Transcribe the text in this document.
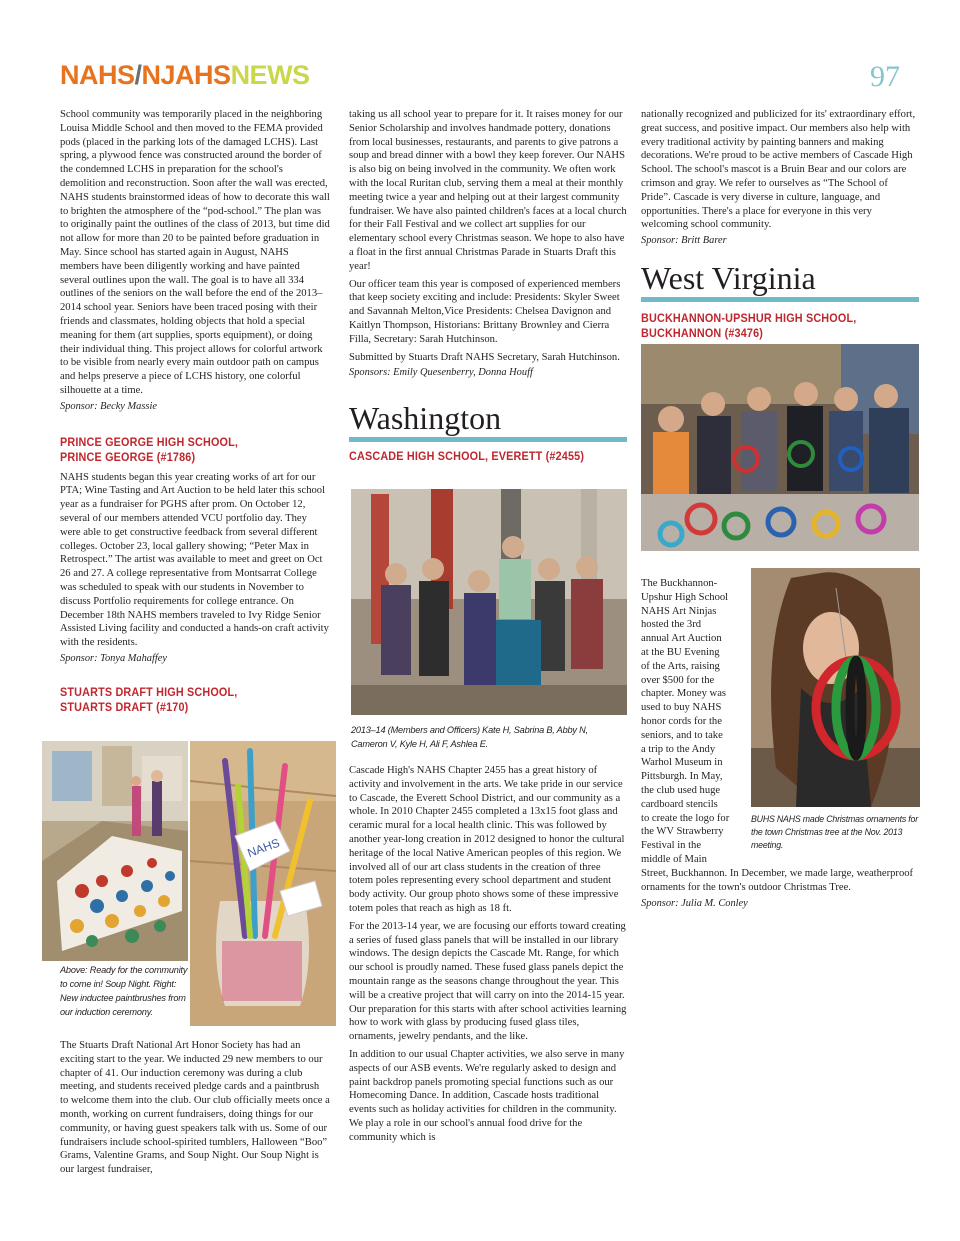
NAHS/NJAHSNEWS	97

School community was temporarily placed in the neighboring Louisa Middle School and then moved to the FEMA provided pods (placed in the parking lots of the damaged LCHS). Last spring, a plywood fence was constructed around the border of the condemned LCHS in preparation for the school's demolition and reconstruction. Soon after the wall was erected, NAHS students brainstormed ideas of how to decorate this wall to brighten the atmosphere of the “pod-school.” The plan was to originally paint the outlines of the class of 2013, but time did not allow for more than 20 to be painted before graduation in May. Since school has started again in August, NAHS members have been diligently working and have painted several outlines upon the wall. The goal is to have all 334 outlines of the seniors on the wall before the end of the 2013–2014 school year. Seniors have been traced posing with their friends and classmates, holding objects that hold a special meaning for them (art supplies, sports equipment), or doing their individual thing. This project allows for colorful artwork to be visible from nearly every main outdoor path on campus and helps preserve a piece of LCHS history, one colorful silhouette at a time.

Sponsor: Becky Massie

PRINCE GEORGE HIGH SCHOOL,
PRINCE GEORGE (#1786)

NAHS students began this year creating works of art for our PTA; Wine Tasting and Art Auction to be held later this school year as a fundraiser for PGHS after prom. On October 12, several of our members attended VCU portfolio day. They were able to get constructive feedback from several different colleges. October 23, local gallery showing; “Peter Max in Retrospect.” The artist was available to meet and greet on Oct 26 and 27. A college representative from Montsarrat College was scheduled to speak with our students in November to discuss Portfolio requirements for college entrance. On December 18th NAHS members traveled to Ivy Ridge Senior Assisted Living facility and conducted a hands-on craft activity with the residents.

Sponsor: Tonya Mahaffey

STUARTS DRAFT HIGH SCHOOL,
STUARTS DRAFT (#170)
NAHS
Above: Ready for the community to come in! Soup Night. Right: New inductee paintbrushes from our induction ceremony.

The Stuarts Draft National Art Honor Society has had an exciting start to the year. We inducted 29 new members to our chapter of 41. Our induction ceremony was during a club meeting, and students received pledge cards and a paintbrush to welcome them into the club. Our club officially meets once a month, working on current fundraisers, doing things for our community, or having guest speakers talk with us. Some of our fundraisers include school-spirited tumblers, Halloween “Boo” Grams, Valentine Grams, and Soup Night. Our Soup Night is our largest fundraiser,

taking us all school year to prepare for it. It raises money for our Senior Scholarship and involves handmade pottery, donations from local businesses, restaurants, and parents to give patrons a soup and bread dinner with a bowl they keep forever. Our NAHS is also big on being involved in the community. We often work with the local Ruritan club, serving them a meal at their monthly meeting twice a year and helping out at their largest community fundraiser. We have also painted children's faces at a local church for their Fall Festival and we collect art supplies for our elementary school every Christmas season. We hope to also have a float in the first annual Christmas Parade in Stuarts Draft this year!

Our officer team this year is composed of experienced members that keep society exciting and include: Presidents: Skyler Sweet and Savannah Melton,Vice Presidents: Chelsea Davignon and Kaitlyn Thompson, Historians: Brittany Brownley and Cierra Filla, Secretary: Sarah Hutchinson.

Submitted by Stuarts Draft NAHS Secretary, Sarah Hutchinson.

Sponsors: Emily Quesenberry, Donna Houff

Washington
CASCADE HIGH SCHOOL, EVERETT (#2455)
2013–14 (Members and Officers) Kate H, Sabrina B, Abby N, Cameron V, Kyle H, Ali F, Ashlea E.

Cascade High's NAHS Chapter 2455 has a great history of activity and involvement in the arts. We take pride in our service to Cascade, the Everett School District, and our community as a whole. In 2010 Chapter 2455 completed a 13x15 foot glass and ceramic mural for a local health clinic. This was followed by another year-long creation in 2012 designed to honor the cultural heritage of the local Native American peoples of this region. We involved all of our art class students in the creation of three totem poles representing every school department and student body activity. Our group photo shows some of these impressive totem poles that reach as high as 18 ft.

For the 2013-14 year, we are focusing our efforts toward creating a series of fused glass panels that will be installed in our library windows. The design depicts the Cascade Mt. Range, for which our school is proudly named. These fused glass panels depict the mountain range as the seasons change throughout the year. This will be a creative project that will carry on into the 2014-15 year. Our preparation for this starts with after school activities learning how to work with glass by producing fused glass tiles, ornaments, jewelry pendants, and the like.

In addition to our usual Chapter activities, we also serve in many aspects of our ASB events. We're regularly asked to design and paint backdrop panels promoting special functions such as our Homecoming Dance. In addition, Cascade hosts traditional events such as holiday activities for children in the community. We play a role in our school's annual food drive for the community which is

nationally recognized and publicized for its' extraordinary effort, great success, and positive impact. Our members also help with every traditional activity by painting banners and making decorations. We're proud to be active members of Cascade High School. The school's mascot is a Bruin Bear and our colors are crimson and gray. We refer to ourselves as “The School of Pride”. Cascade is very diverse in culture, language, and opportunities. There's a place for everyone in this very welcoming school community.

Sponsor: Britt Barer

West Virginia
BUCKHANNON-UPSHUR HIGH SCHOOL,
BUCKHANNON (#3476)

The Buckhannon-
Upshur High School
NAHS Art Ninjas
hosted the 3rd
annual Art Auction
at the BU Evening
of the Arts, raising
over $500 for the
chapter. Money was
used to buy NAHS
honor cords for the
seniors, and to take
a trip to the Andy
Warhol Museum in
Pittsburgh. In May,
the club used huge
cardboard stencils
to create the logo for
the WV Strawberry
Festival in the
middle of Main

BUHS NAHS made Christmas ornaments for the town Christmas tree at the Nov. 2013 meeting.

Street, Buckhannon. In December, we made large, weatherproof ornaments for the town's outdoor Christmas Tree.

Sponsor: Julia M. Conley
